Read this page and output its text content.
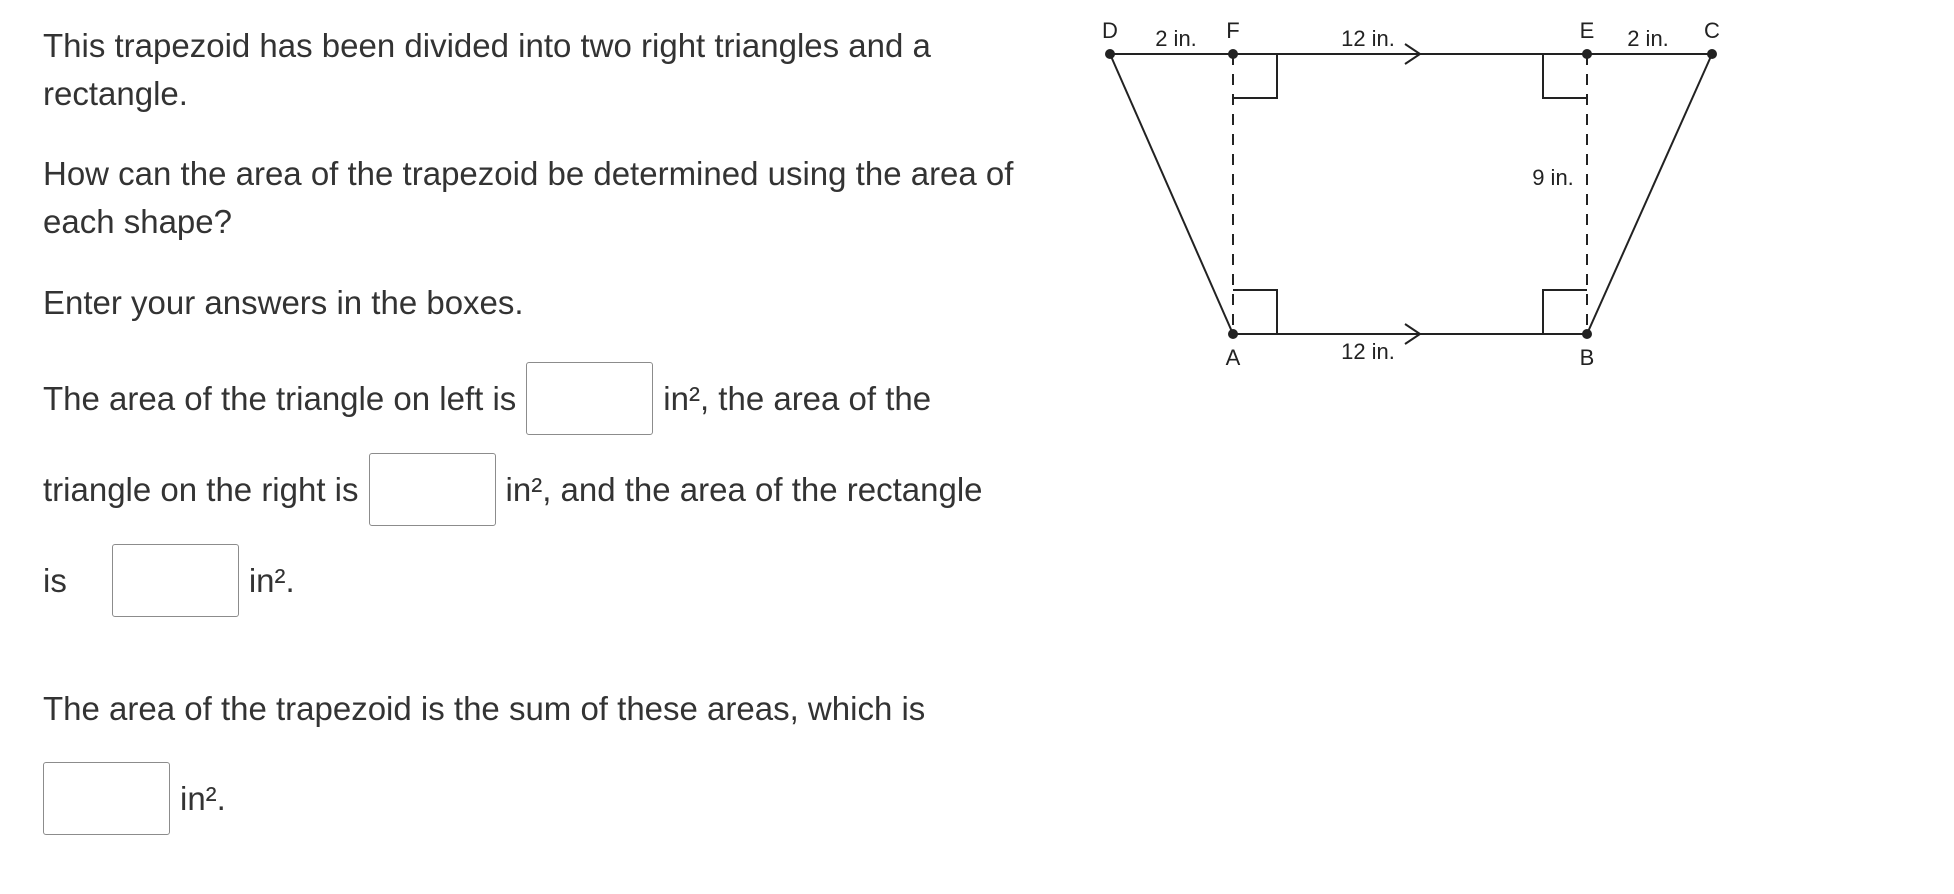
This trapezoid has been divided into two right triangles and a rectangle.

How can the area of the trapezoid be determined using the area of each shape?

Enter your answers in the boxes.

The area of the triangle on left is	in², the area of the
triangle on the right is	in², and the area of the rectangle
is	in².
The area of the trapezoid is the sum of these areas, which is
in².
D	F	E	C
A	B
2 in.	12 in.	2 in.
9 in.
12 in.
